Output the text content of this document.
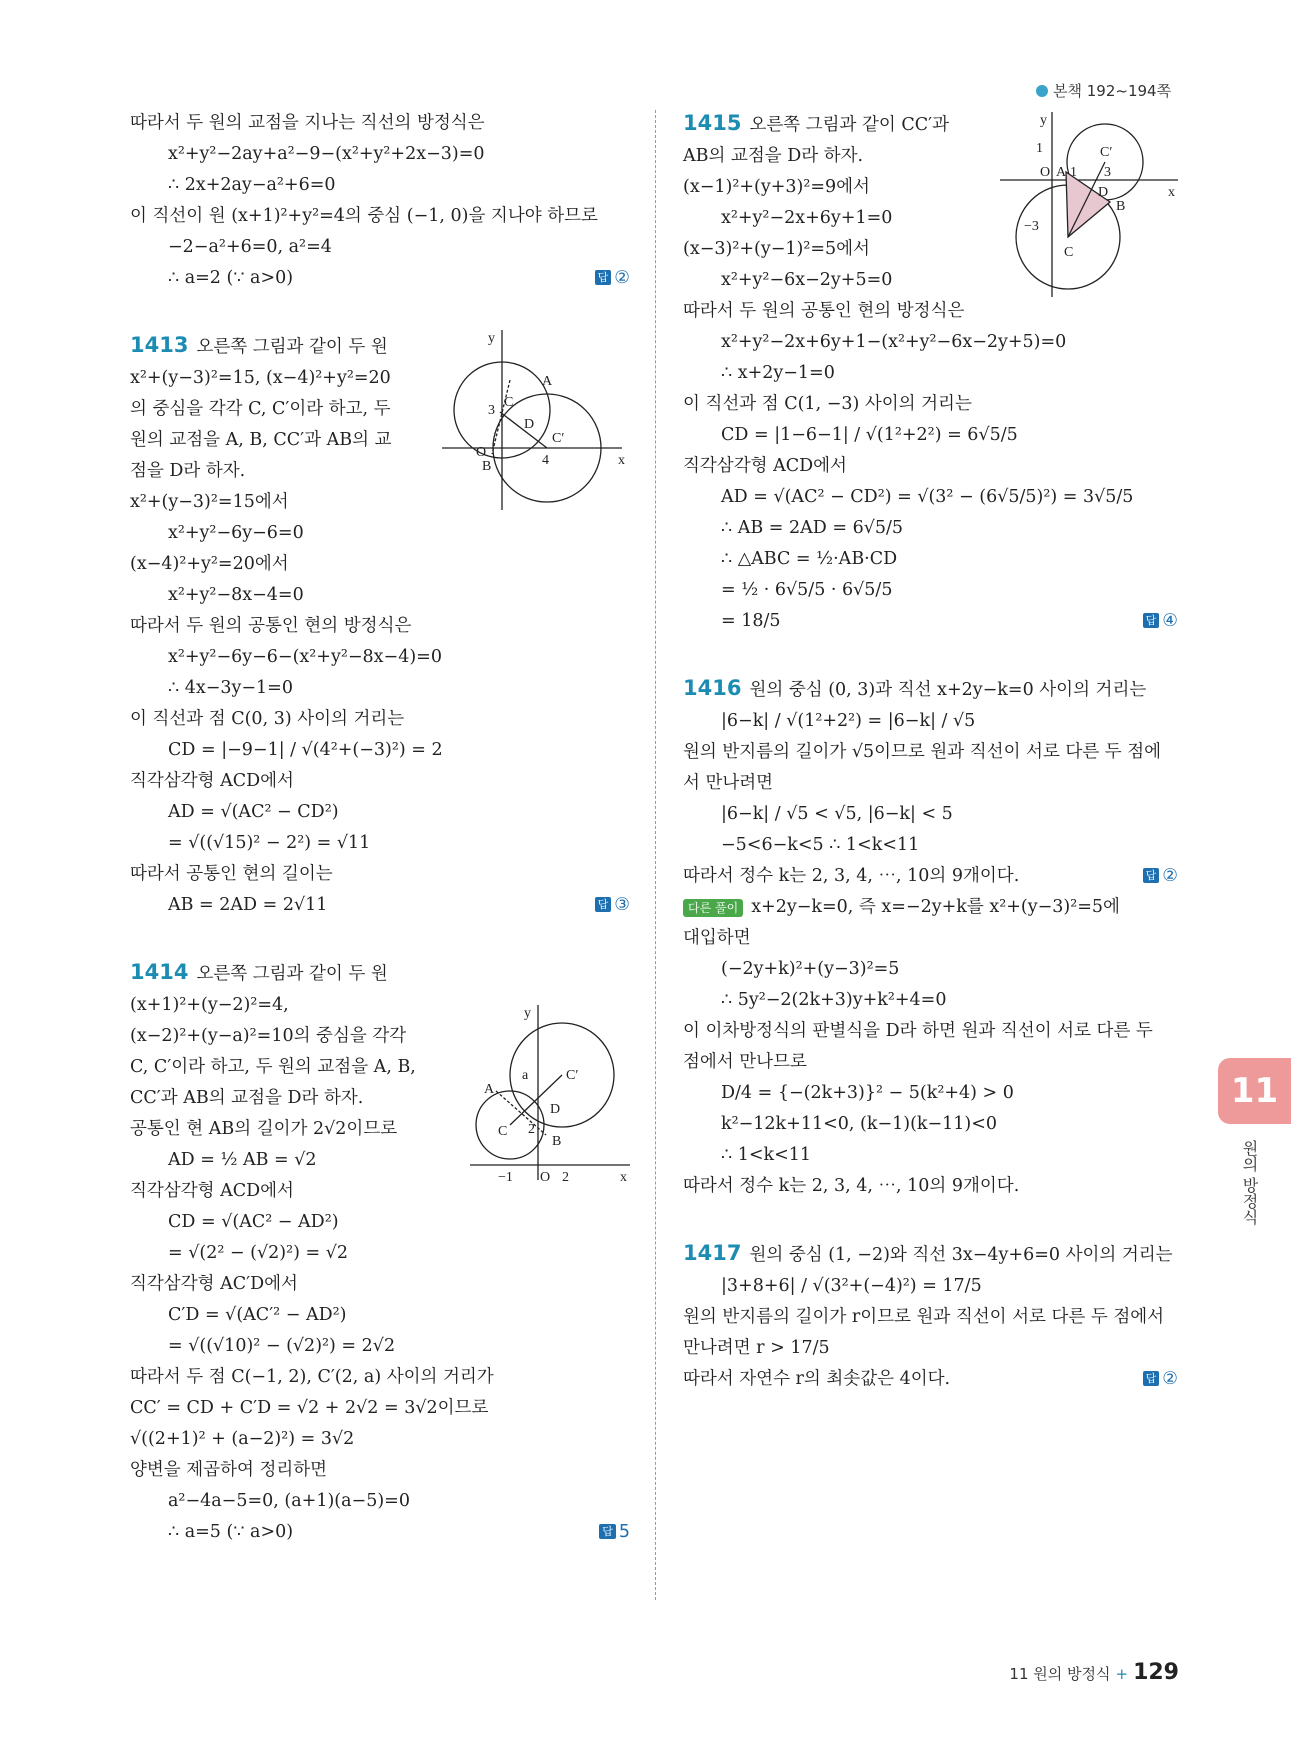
본책 192~194쪽
따라서 두 원의 교점을 지나는 직선의 방정식은
x²+y²−2ay+a²−9−(x²+y²+2x−3)=0
∴ 2x+2ay−a²+6=0
이 직선이 원 (x+1)²+y²=4의 중심 (−1, 0)을 지나야 하므로
−2−a²+6=0, a²=4
∴ a=2 (∵ a>0)	답 ②
1413 오른쪽 그림과 같이 두 원
x²+(y−3)²=15, (x−4)²+y²=20
의 중심을 각각 C, C′이라 하고, 두
원의 교점을 A, B, CC′과 AB의 교
점을 D라 하자.
x²+(y−3)²=15에서
x²+y²−6y−6=0
(x−4)²+y²=20에서
x²+y²−8x−4=0
따라서 두 원의 공통인 현의 방정식은
x²+y²−6y−6−(x²+y²−8x−4)=0
∴ 4x−3y−1=0
이 직선과 점 C(0, 3) 사이의 거리는
CD = |−9−1| / √(4²+(−3)²) = 2
직각삼각형 ACD에서
AD = √(AC² − CD²)
= √((√15)² − 2²) = √11
따라서 공통인 현의 길이는
AB = 2AD = 2√11	답 ③
1414 오른쪽 그림과 같이 두 원
(x+1)²+(y−2)²=4,
(x−2)²+(y−a)²=10의 중심을 각각
C, C′이라 하고, 두 원의 교점을 A, B,
CC′과 AB의 교점을 D라 하자.
공통인 현 AB의 길이가 2√2이므로
AD = ½ AB = √2
직각삼각형 ACD에서
CD = √(AC² − AD²)
= √(2² − (√2)²) = √2
직각삼각형 AC′D에서
C′D = √(AC′² − AD²)
= √((√10)² − (√2)²) = 2√2
따라서 두 점 C(−1, 2), C′(2, a) 사이의 거리가
CC′ = CD + C′D = √2 + 2√2 = 3√2이므로
√((2+1)² + (a−2)²) = 3√2
양변을 제곱하여 정리하면
a²−4a−5=0, (a+1)(a−5)=0
∴ a=5 (∵ a>0)	답 5
1415 오른쪽 그림과 같이 CC′과
AB의 교점을 D라 하자.
(x−1)²+(y+3)²=9에서
x²+y²−2x+6y+1=0
(x−3)²+(y−1)²=5에서
x²+y²−6x−2y+5=0
따라서 두 원의 공통인 현의 방정식은
x²+y²−2x+6y+1−(x²+y²−6x−2y+5)=0
∴ x+2y−1=0
이 직선과 점 C(1, −3) 사이의 거리는
CD = |1−6−1| / √(1²+2²) = 6√5/5
직각삼각형 ACD에서
AD = √(AC² − CD²) = √(3² − (6√5/5)²) = 3√5/5
∴ AB = 2AD = 6√5/5
∴ △ABC = ½·AB·CD
= ½ · 6√5/5 · 6√5/5
= 18/5	답 ④
1416 원의 중심 (0, 3)과 직선 x+2y−k=0 사이의 거리는
|6−k| / √(1²+2²) = |6−k| / √5
원의 반지름의 길이가 √5이므로 원과 직선이 서로 다른 두 점에
서 만나려면
|6−k| / √5 < √5, |6−k| < 5
−5<6−k<5 ∴ 1<k<11
따라서 정수 k는 2, 3, 4, ⋯, 10의 9개이다.	답 ②
다른 풀이 x+2y−k=0, 즉 x=−2y+k를 x²+(y−3)²=5에
대입하면
(−2y+k)²+(y−3)²=5
∴ 5y²−2(2k+3)y+k²+4=0
이 이차방정식의 판별식을 D라 하면 원과 직선이 서로 다른 두
점에서 만나므로
D/4 = {−(2k+3)}² − 5(k²+4) > 0
k²−12k+11<0, (k−1)(k−11)<0
∴ 1<k<11
따라서 정수 k는 2, 3, 4, ⋯, 10의 9개이다.
1417 원의 중심 (1, −2)와 직선 3x−4y+6=0 사이의 거리는
|3+8+6| / √(3²+(−4)²) = 17/5
원의 반지름의 길이가 r이므로 원과 직선이 서로 다른 두 점에서
만나려면 r > 17/5
따라서 자연수 r의 최솟값은 4이다.	답 ②
y
x
O
A
B
C
C′
D
3
4
y
x
O
A
B
C
C′
D
a
2
−1	2
y
x
O A
B
C
C′
D
1
1 3
−3
11
원의 방정식
11 원의 방정식 + 129
